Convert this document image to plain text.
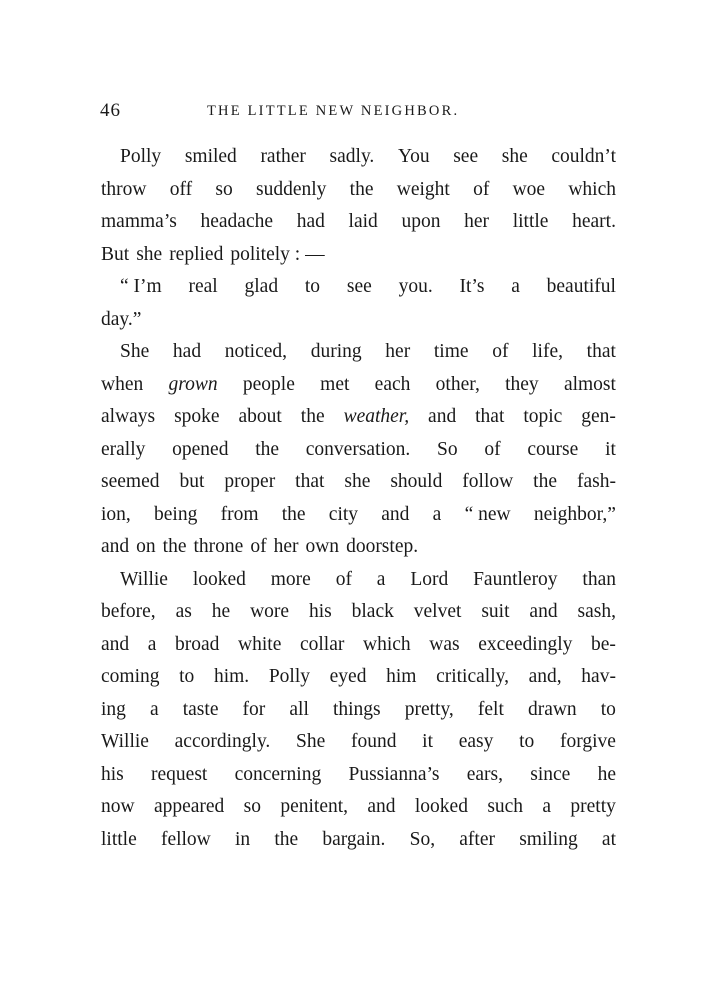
46	THE LITTLE NEW NEIGHBOR.
Polly smiled rather sadly. You see she couldn’t
throw off so suddenly the weight of woe which
mamma’s headache had laid upon her little heart.
But she replied politely : —
“ I’m real glad to see you. It’s a beautiful
day.”
She had noticed, during her time of life, that
when grown people met each other, they almost
always spoke about the weather, and that topic gen-
erally opened the conversation. So of course it
seemed but proper that she should follow the fash-
ion, being from the city and a “ new neighbor,”
and on the throne of her own doorstep.
Willie looked more of a Lord Fauntleroy than
before, as he wore his black velvet suit and sash,
and a broad white collar which was exceedingly be-
coming to him. Polly eyed him critically, and, hav-
ing a taste for all things pretty, felt drawn to
Willie accordingly. She found it easy to forgive
his request concerning Pussianna’s ears, since he
now appeared so penitent, and looked such a pretty
little fellow in the bargain. So, after smiling at
